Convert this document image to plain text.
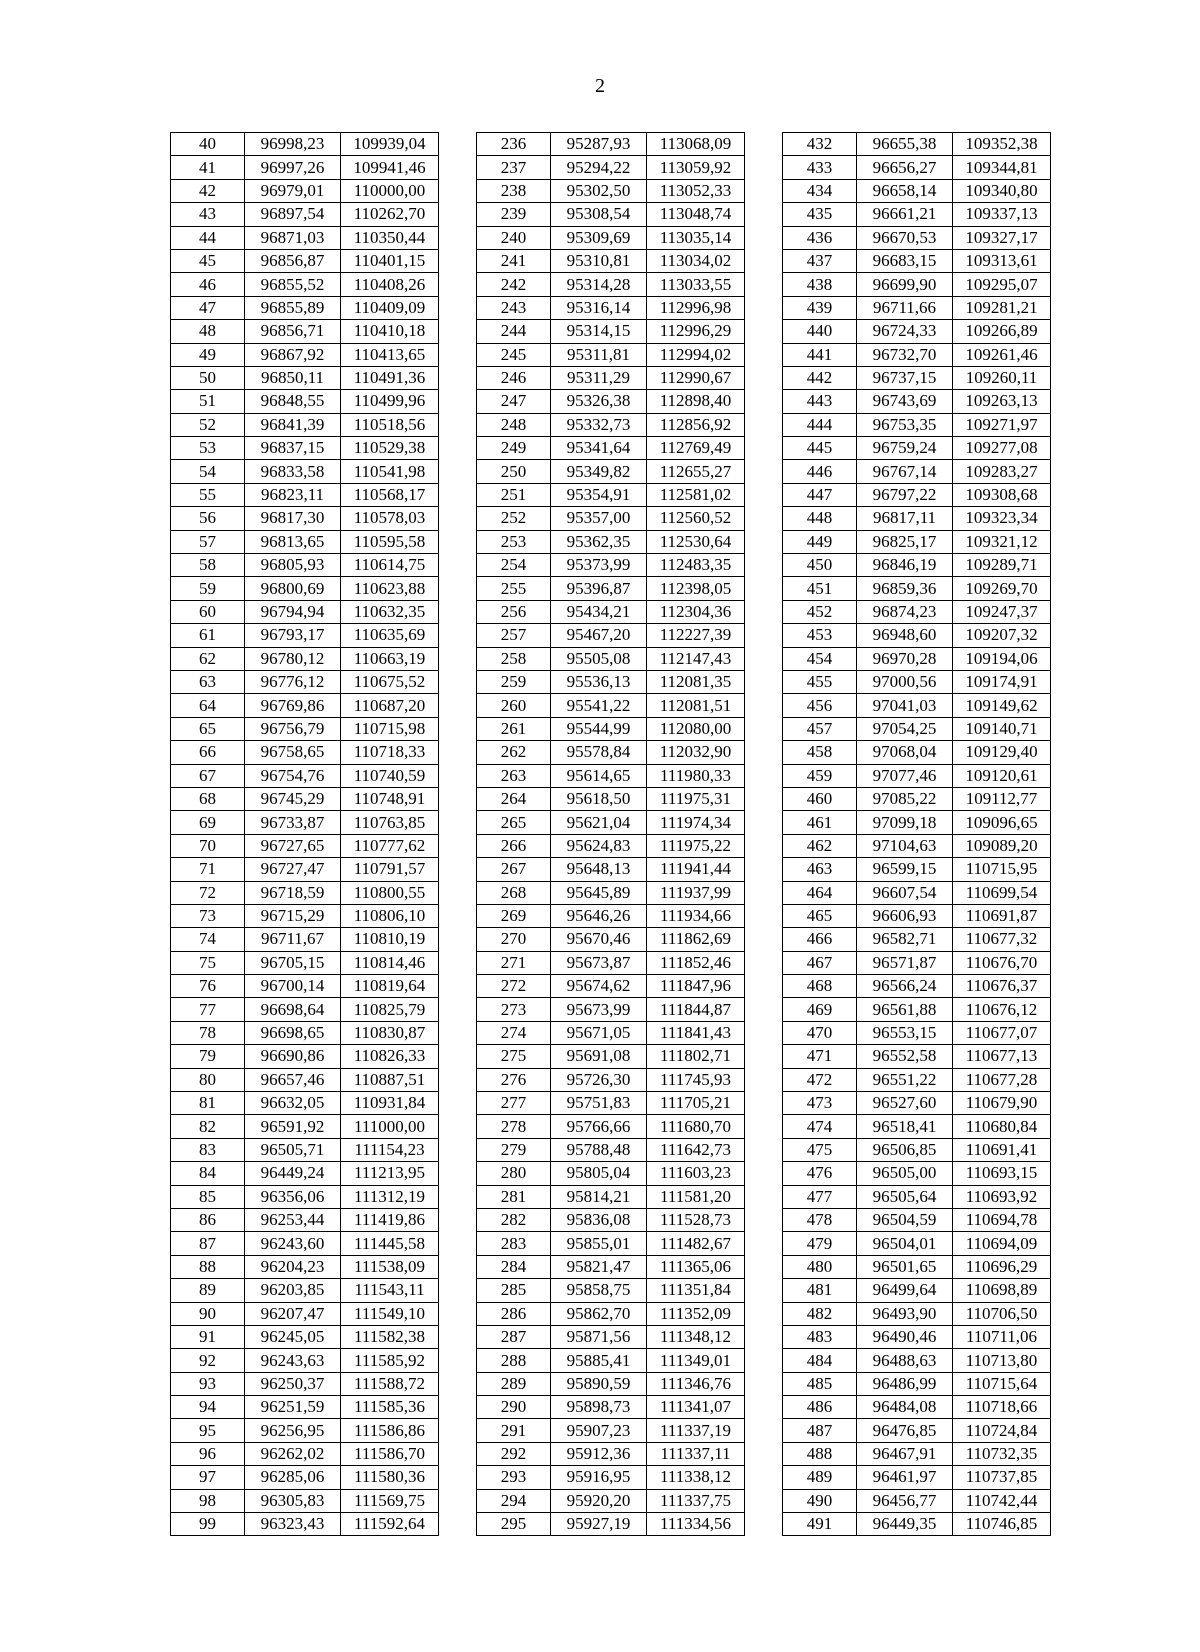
2
40	96998,23	109939,04		236	95287,93	113068,09		432	96655,38	109352,38
41	96997,26	109941,46		237	95294,22	113059,92		433	96656,27	109344,81
42	96979,01	110000,00		238	95302,50	113052,33		434	96658,14	109340,80
43	96897,54	110262,70		239	95308,54	113048,74		435	96661,21	109337,13
44	96871,03	110350,44		240	95309,69	113035,14		436	96670,53	109327,17
45	96856,87	110401,15		241	95310,81	113034,02		437	96683,15	109313,61
46	96855,52	110408,26		242	95314,28	113033,55		438	96699,90	109295,07
47	96855,89	110409,09		243	95316,14	112996,98		439	96711,66	109281,21
48	96856,71	110410,18		244	95314,15	112996,29		440	96724,33	109266,89
49	96867,92	110413,65		245	95311,81	112994,02		441	96732,70	109261,46
50	96850,11	110491,36		246	95311,29	112990,67		442	96737,15	109260,11
51	96848,55	110499,96		247	95326,38	112898,40		443	96743,69	109263,13
52	96841,39	110518,56		248	95332,73	112856,92		444	96753,35	109271,97
53	96837,15	110529,38		249	95341,64	112769,49		445	96759,24	109277,08
54	96833,58	110541,98		250	95349,82	112655,27		446	96767,14	109283,27
55	96823,11	110568,17		251	95354,91	112581,02		447	96797,22	109308,68
56	96817,30	110578,03		252	95357,00	112560,52		448	96817,11	109323,34
57	96813,65	110595,58		253	95362,35	112530,64		449	96825,17	109321,12
58	96805,93	110614,75		254	95373,99	112483,35		450	96846,19	109289,71
59	96800,69	110623,88		255	95396,87	112398,05		451	96859,36	109269,70
60	96794,94	110632,35		256	95434,21	112304,36		452	96874,23	109247,37
61	96793,17	110635,69		257	95467,20	112227,39		453	96948,60	109207,32
62	96780,12	110663,19		258	95505,08	112147,43		454	96970,28	109194,06
63	96776,12	110675,52		259	95536,13	112081,35		455	97000,56	109174,91
64	96769,86	110687,20		260	95541,22	112081,51		456	97041,03	109149,62
65	96756,79	110715,98		261	95544,99	112080,00		457	97054,25	109140,71
66	96758,65	110718,33		262	95578,84	112032,90		458	97068,04	109129,40
67	96754,76	110740,59		263	95614,65	111980,33		459	97077,46	109120,61
68	96745,29	110748,91		264	95618,50	111975,31		460	97085,22	109112,77
69	96733,87	110763,85		265	95621,04	111974,34		461	97099,18	109096,65
70	96727,65	110777,62		266	95624,83	111975,22		462	97104,63	109089,20
71	96727,47	110791,57		267	95648,13	111941,44		463	96599,15	110715,95
72	96718,59	110800,55		268	95645,89	111937,99		464	96607,54	110699,54
73	96715,29	110806,10		269	95646,26	111934,66		465	96606,93	110691,87
74	96711,67	110810,19		270	95670,46	111862,69		466	96582,71	110677,32
75	96705,15	110814,46		271	95673,87	111852,46		467	96571,87	110676,70
76	96700,14	110819,64		272	95674,62	111847,96		468	96566,24	110676,37
77	96698,64	110825,79		273	95673,99	111844,87		469	96561,88	110676,12
78	96698,65	110830,87		274	95671,05	111841,43		470	96553,15	110677,07
79	96690,86	110826,33		275	95691,08	111802,71		471	96552,58	110677,13
80	96657,46	110887,51		276	95726,30	111745,93		472	96551,22	110677,28
81	96632,05	110931,84		277	95751,83	111705,21		473	96527,60	110679,90
82	96591,92	111000,00		278	95766,66	111680,70		474	96518,41	110680,84
83	96505,71	111154,23		279	95788,48	111642,73		475	96506,85	110691,41
84	96449,24	111213,95		280	95805,04	111603,23		476	96505,00	110693,15
85	96356,06	111312,19		281	95814,21	111581,20		477	96505,64	110693,92
86	96253,44	111419,86		282	95836,08	111528,73		478	96504,59	110694,78
87	96243,60	111445,58		283	95855,01	111482,67		479	96504,01	110694,09
88	96204,23	111538,09		284	95821,47	111365,06		480	96501,65	110696,29
89	96203,85	111543,11		285	95858,75	111351,84		481	96499,64	110698,89
90	96207,47	111549,10		286	95862,70	111352,09		482	96493,90	110706,50
91	96245,05	111582,38		287	95871,56	111348,12		483	96490,46	110711,06
92	96243,63	111585,92		288	95885,41	111349,01		484	96488,63	110713,80
93	96250,37	111588,72		289	95890,59	111346,76		485	96486,99	110715,64
94	96251,59	111585,36		290	95898,73	111341,07		486	96484,08	110718,66
95	96256,95	111586,86		291	95907,23	111337,19		487	96476,85	110724,84
96	96262,02	111586,70		292	95912,36	111337,11		488	96467,91	110732,35
97	96285,06	111580,36		293	95916,95	111338,12		489	96461,97	110737,85
98	96305,83	111569,75		294	95920,20	111337,75		490	96456,77	110742,44
99	96323,43	111592,64		295	95927,19	111334,56		491	96449,35	110746,85
